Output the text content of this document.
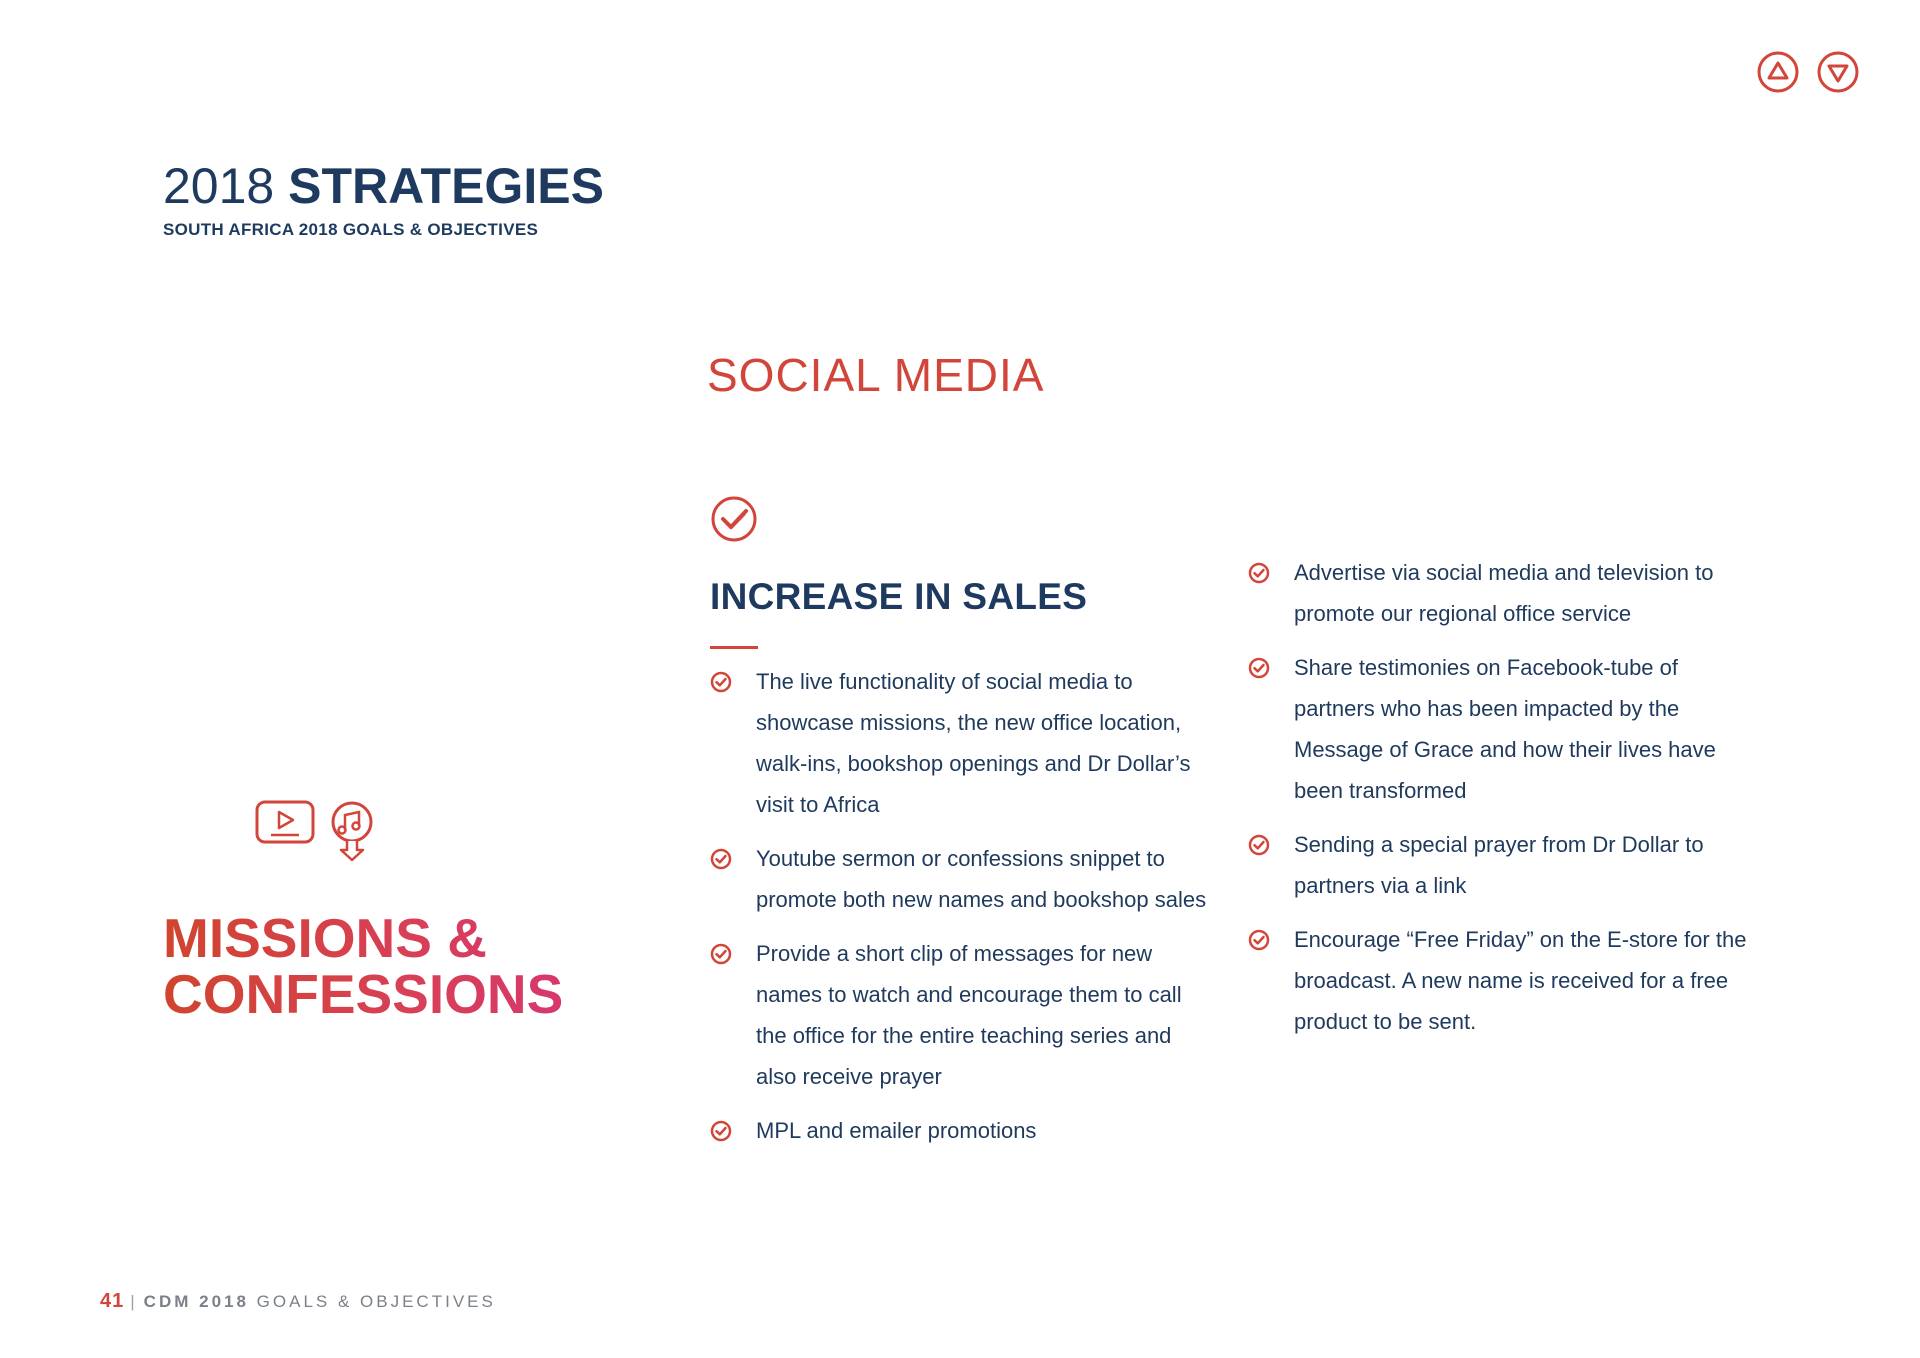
2018 STRATEGIES
SOUTH AFRICA 2018 GOALS & OBJECTIVES
SOCIAL MEDIA
MISSIONS &
CONFESSIONS
INCREASE IN SALES
The live functionality of social media to showcase missions, the new office location, walk-ins, bookshop openings and Dr Dollar’s visit to Africa
Youtube sermon or confessions snippet to promote both new names and bookshop sales
Provide a short clip of messages for new names to watch and encourage them to call the office for the entire teaching series and also receive prayer
MPL and emailer promotions
Advertise via social media and television to promote our regional office service
Share testimonies on Facebook-tube of partners who has been impacted by the Message of Grace and how their lives have been transformed
Sending a special prayer from Dr Dollar to partners via a link
Encourage “Free Friday” on the E-store for the broadcast. A new name is received for a free product to be sent.
41 | CDM 2018 GOALS & OBJECTIVES
